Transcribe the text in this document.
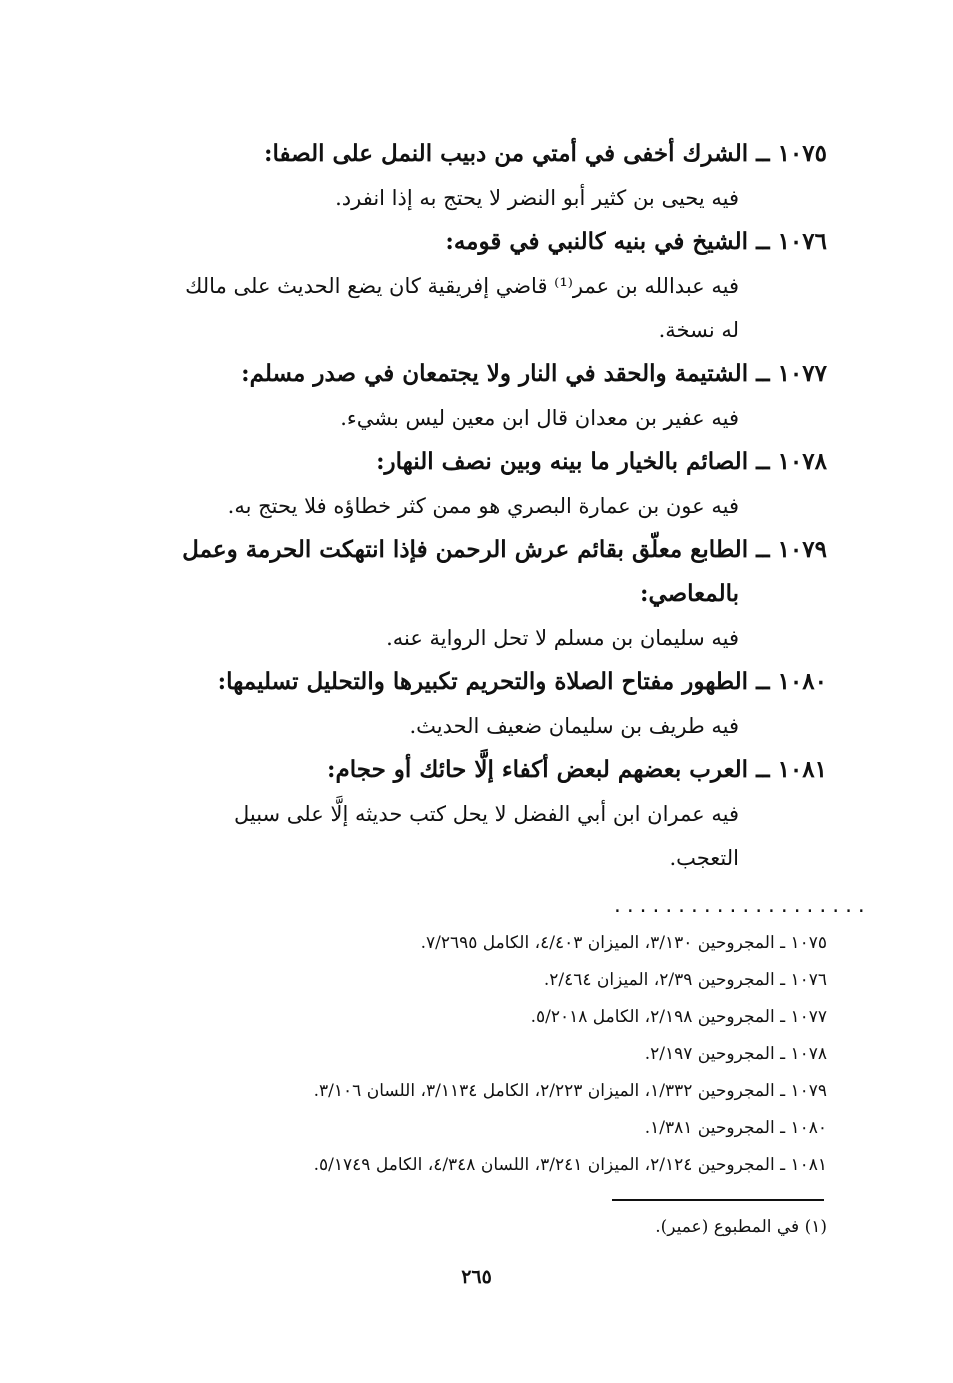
١٠٧٥ ــ الشرك أخفى في أمتي من دبيب النمل على الصفا:
فيه يحيى بن كثير أبو النضر لا يحتج به إذا انفرد.
١٠٧٦ ــ الشيخ في بنيه كالنبي في قومه:
فيه عبدالله بن عمر⁽¹⁾ قاضي إفريقية كان يضع الحديث على مالك
له نسخة.
١٠٧٧ ــ الشتيمة والحقد في النار ولا يجتمعان في صدر مسلم:
فيه عفير بن معدان قال ابن معين ليس بشيء.
١٠٧٨ ــ الصائم بالخيار ما بينه وبين نصف النهار:
فيه عون بن عمارة البصري هو ممن كثر خطاؤه فلا يحتج به.
١٠٧٩ ــ الطابع معلّق بقائم عرش الرحمن فإذا انتهكت الحرمة وعمل
بالمعاصي:
فيه سليمان بن مسلم لا تحل الرواية عنه.
١٠٨٠ ــ الطهور مفتاح الصلاة والتحريم تكبيرها والتحليل تسليمها:
فيه طريف بن سليمان ضعيف الحديث.
١٠٨١ ــ العرب بعضهم لبعض أكفاء إلَّا حائك أو حجام:
فيه عمران ابن أبي الفضل لا يحل كتب حديثه إلَّا على سبيل
التعجب.
....................
١٠٧٥ ـ المجروحين ٣/١٣٠، الميزان ٤/٤٠٣، الكامل ٧/٢٦٩٥.
١٠٧٦ ـ المجروحين ٢/٣٩، الميزان ٢/٤٦٤.
١٠٧٧ ـ المجروحين ٢/١٩٨، الكامل ٥/٢٠١٨.
١٠٧٨ ـ المجروحين ٢/١٩٧.
١٠٧٩ ـ المجروحين ١/٣٣٢، الميزان ٢/٢٢٣، الكامل ٣/١١٣٤، اللسان ٣/١٠٦.
١٠٨٠ ـ المجروحين ١/٣٨١.
١٠٨١ ـ المجروحين ٢/١٢٤، الميزان ٣/٢٤١، اللسان ٤/٣٤٨، الكامل ٥/١٧٤٩.
(١) في المطبوع (عمير).
٢٦٥
